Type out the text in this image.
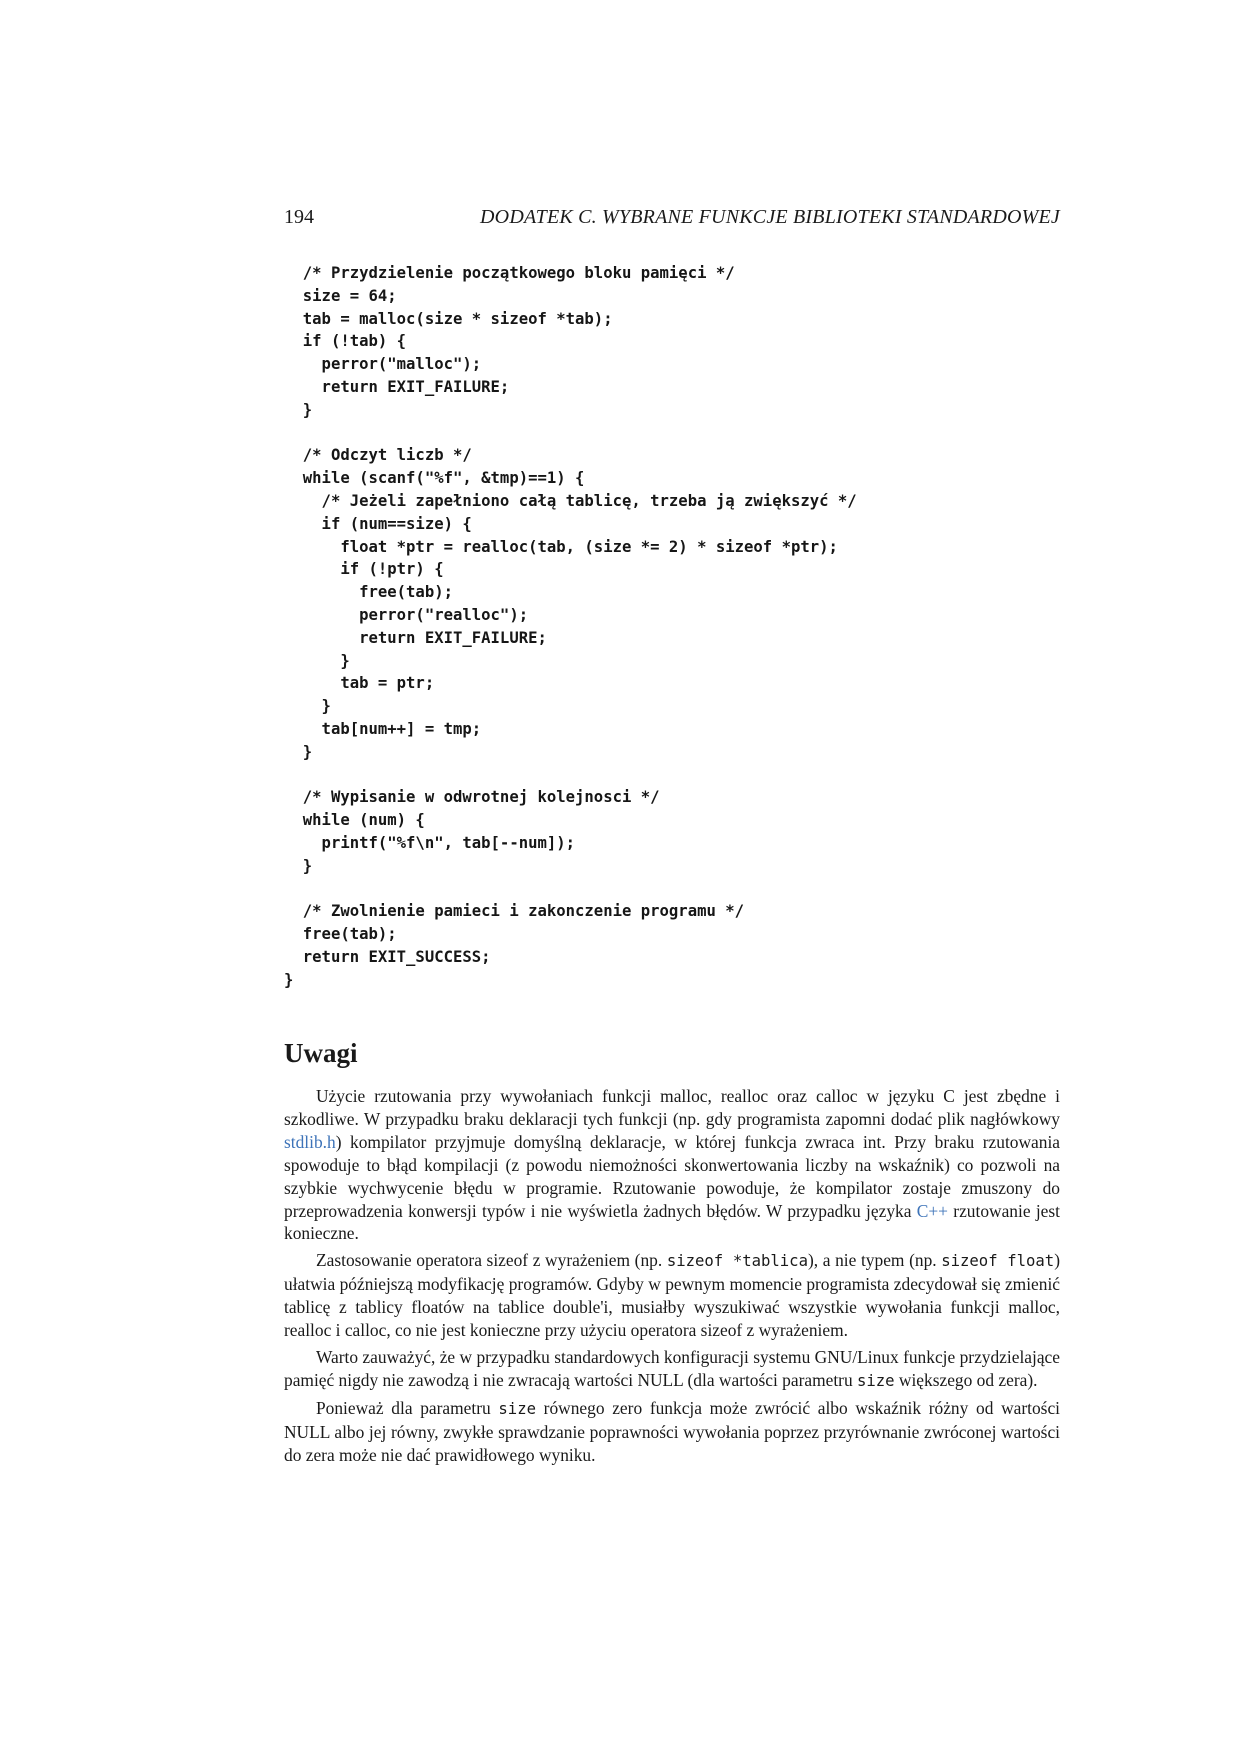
194	DODATEK C. WYBRANE FUNKCJE BIBLIOTEKI STANDARDOWEJ
/* Przydzielenie początkowego bloku pamięci */
size = 64;
tab = malloc(size * sizeof *tab);
if (!tab) {
perror("malloc");
return EXIT_FAILURE;
}
/* Odczyt liczb */
while (scanf("%f", &tmp)==1) {
/* Jeżeli zapełniono całą tablicę, trzeba ją zwiększyć */
if (num==size) {
float *ptr = realloc(tab, (size *= 2) * sizeof *ptr);
if (!ptr) {
free(tab);
perror("realloc");
return EXIT_FAILURE;
}
tab = ptr;
}
tab[num++] = tmp;
}
/* Wypisanie w odwrotnej kolejnosci */
while (num) {
printf("%f\n", tab[--num]);
}
/* Zwolnienie pamieci i zakonczenie programu */
free(tab);
return EXIT_SUCCESS;
}
Uwagi

Użycie rzutowania przy wywołaniach funkcji malloc, realloc oraz calloc w języku C jest zbędne i szkodliwe. W przypadku braku deklaracji tych funkcji (np. gdy programista zapomni dodać plik nagłówkowy stdlib.h) kompilator przyjmuje domyślną deklaracje, w której funkcja zwraca int. Przy braku rzutowania spowoduje to błąd kompilacji (z powodu niemożności skonwertowania liczby na wskaźnik) co pozwoli na szybkie wychwycenie błędu w programie. Rzutowanie powoduje, że kompilator zostaje zmuszony do przeprowadzenia konwersji typów i nie wyświetla żadnych błędów. W przypadku języka C++ rzutowanie jest konieczne.

Zastosowanie operatora sizeof z wyrażeniem (np. sizeof *tablica), a nie typem (np. sizeof float) ułatwia późniejszą modyfikację programów. Gdyby w pewnym momencie programista zdecydował się zmienić tablicę z tablicy floatów na tablice double'i, musiałby wyszukiwać wszystkie wywołania funkcji malloc, realloc i calloc, co nie jest konieczne przy użyciu operatora sizeof z wyrażeniem.

Warto zauważyć, że w przypadku standardowych konfiguracji systemu GNU/Linux funkcje przydzielające pamięć nigdy nie zawodzą i nie zwracają wartości NULL (dla wartości parametru size większego od zera).

Ponieważ dla parametru size równego zero funkcja może zwrócić albo wskaźnik różny od wartości NULL albo jej równy, zwykłe sprawdzanie poprawności wywołania poprzez przyrównanie zwróconej wartości do zera może nie dać prawidłowego wyniku.
